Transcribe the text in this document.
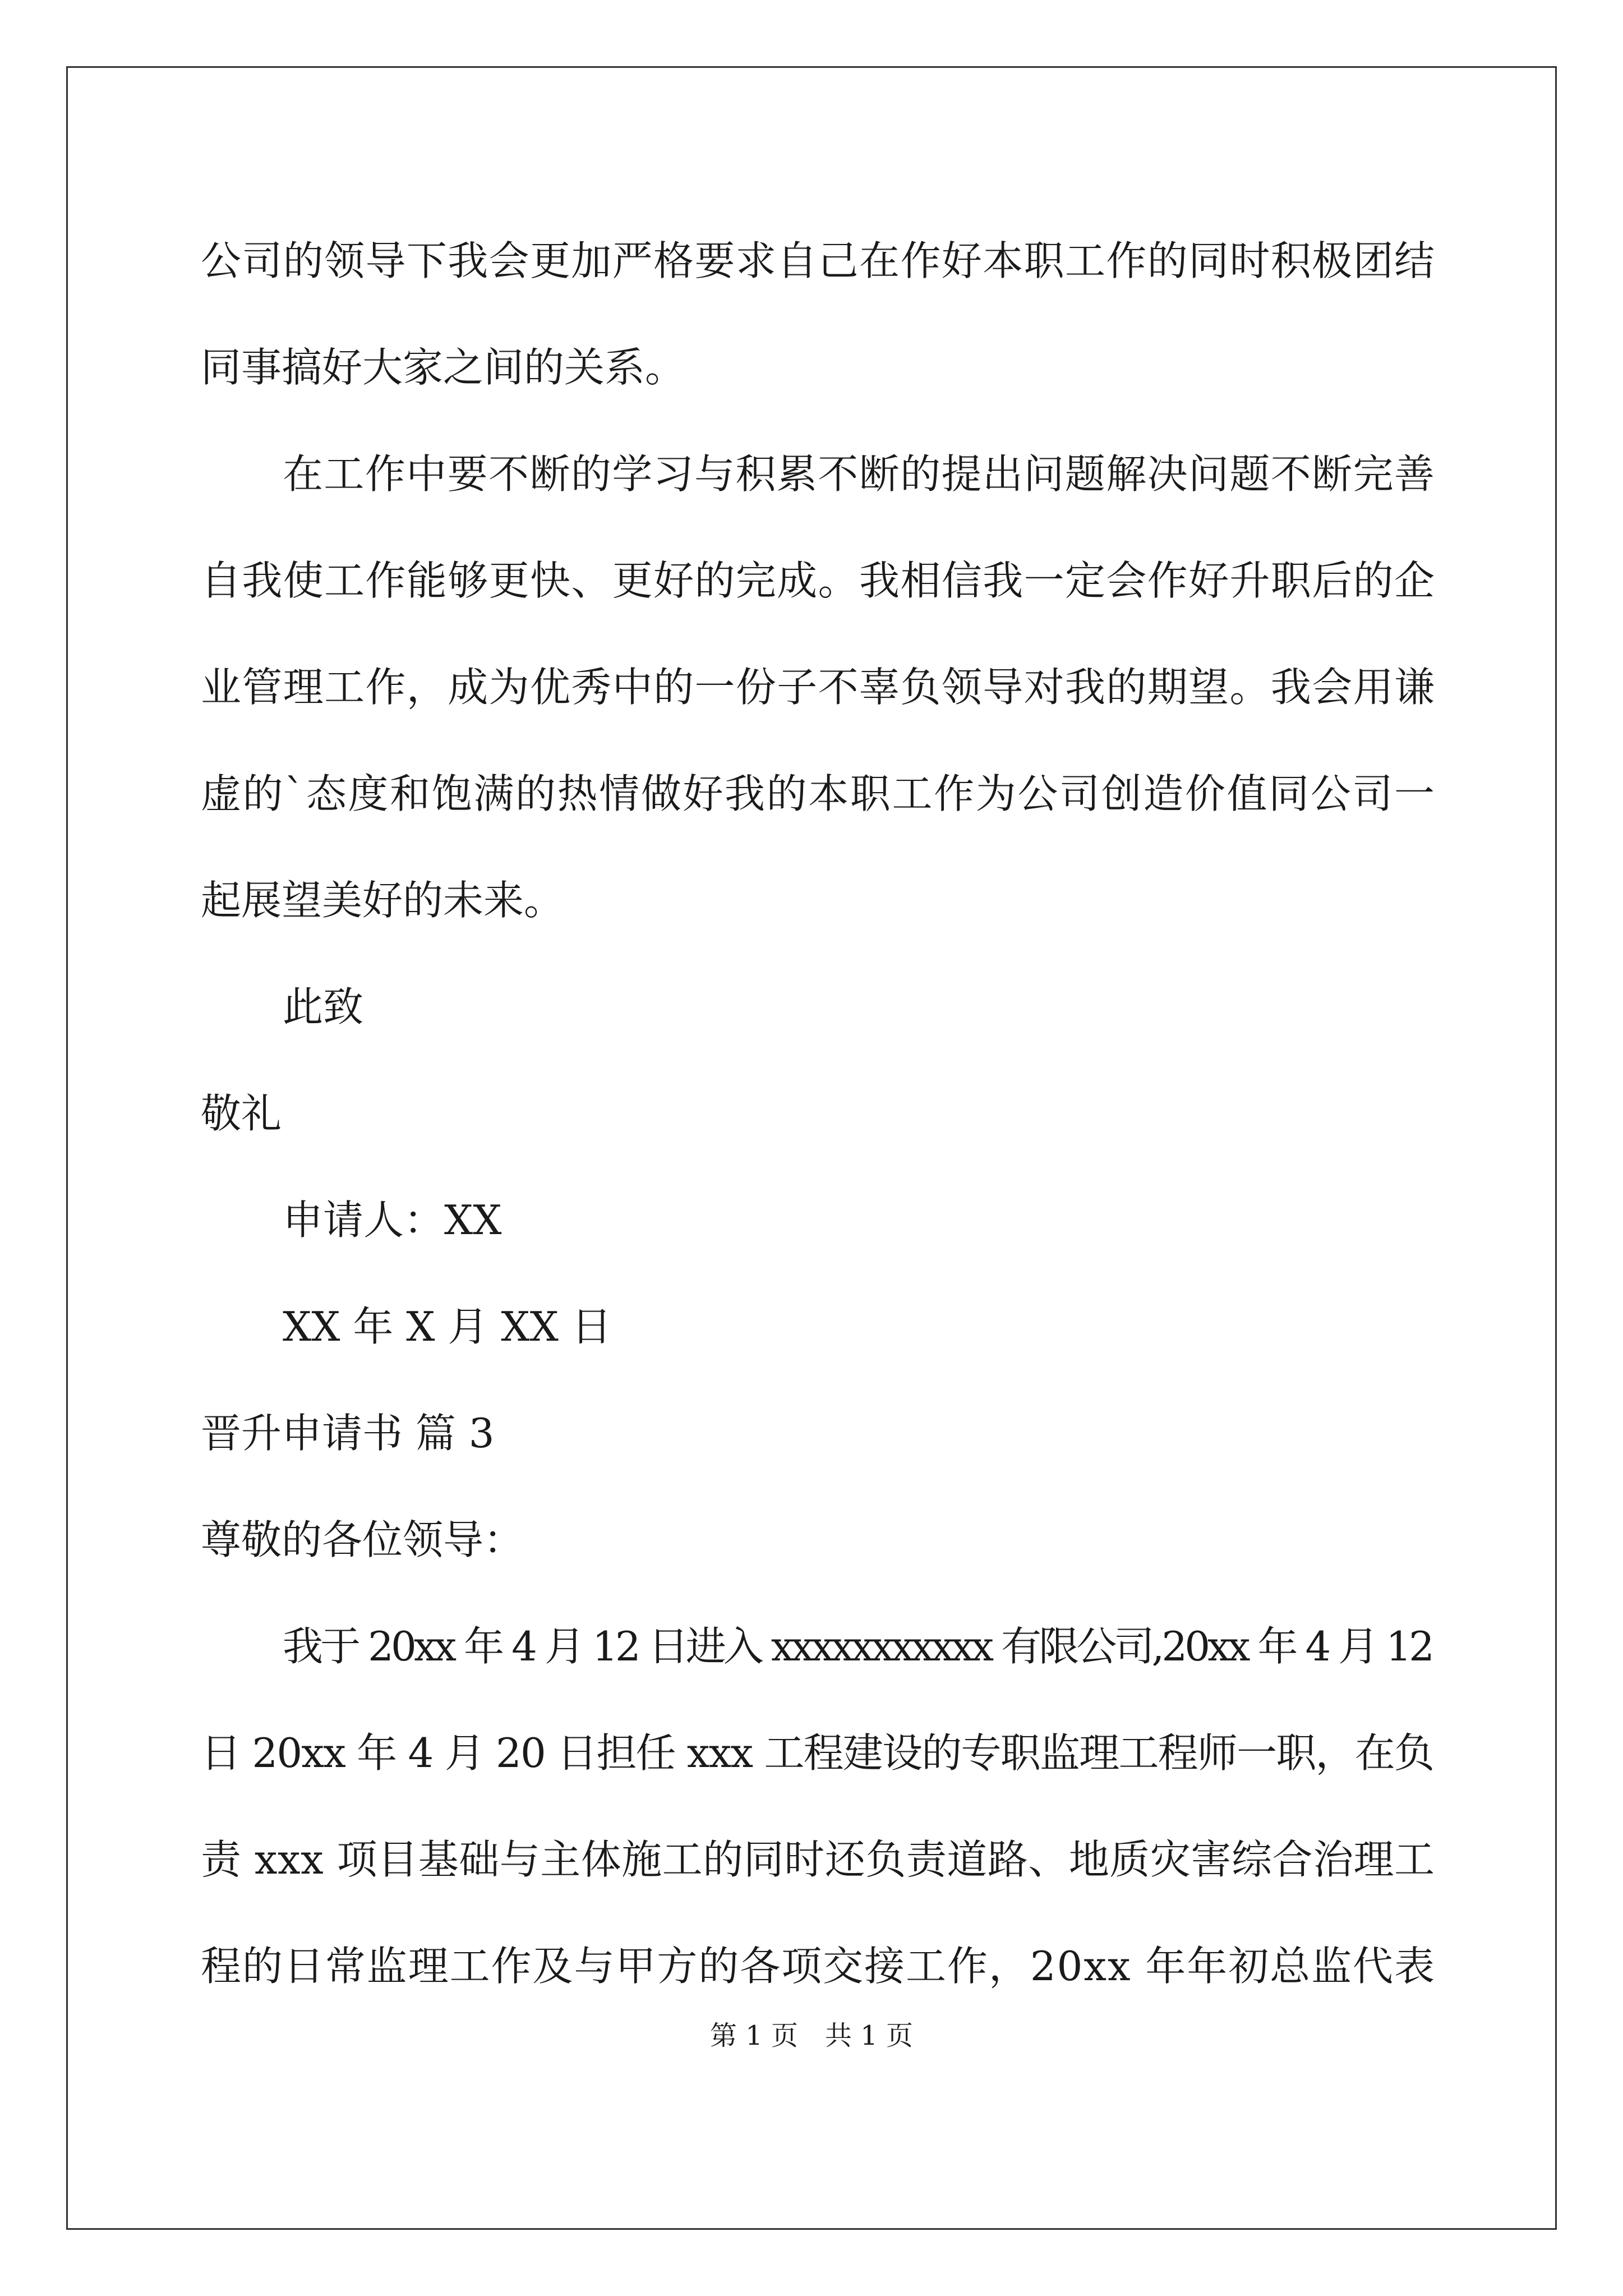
公司的领导下我会更加严格要求自己在作好本职工作的同时积极团结
同事搞好大家之间的关系。
在工作中要不断的学习与积累不断的提出问题解决问题不断完善
自我使工作能够更快、更好的完成。我相信我一定会作好升职后的企
业管理工作，成为优秀中的一份子不辜负领导对我的期望。我会用谦
虚的`态度和饱满的热情做好我的本职工作为公司创造价值同公司一
起展望美好的未来。
此致
敬礼
申请人：XX
XX 年 X 月 XX 日
晋升申请书 篇 3
尊敬的各位领导：
我于 20xx 年 4 月 12 日进入 xxxxxxxxxxx 有限公司,20xx 年 4 月 12
日 20xx 年 4 月 20 日担任 xxx 工程建设的专职监理工程师一职，在负
责 xxx 项目基础与主体施工的同时还负责道路、地质灾害综合治理工
程的日常监理工作及与甲方的各项交接工作，20xx 年年初总监代表
第 1 页　共 1 页
